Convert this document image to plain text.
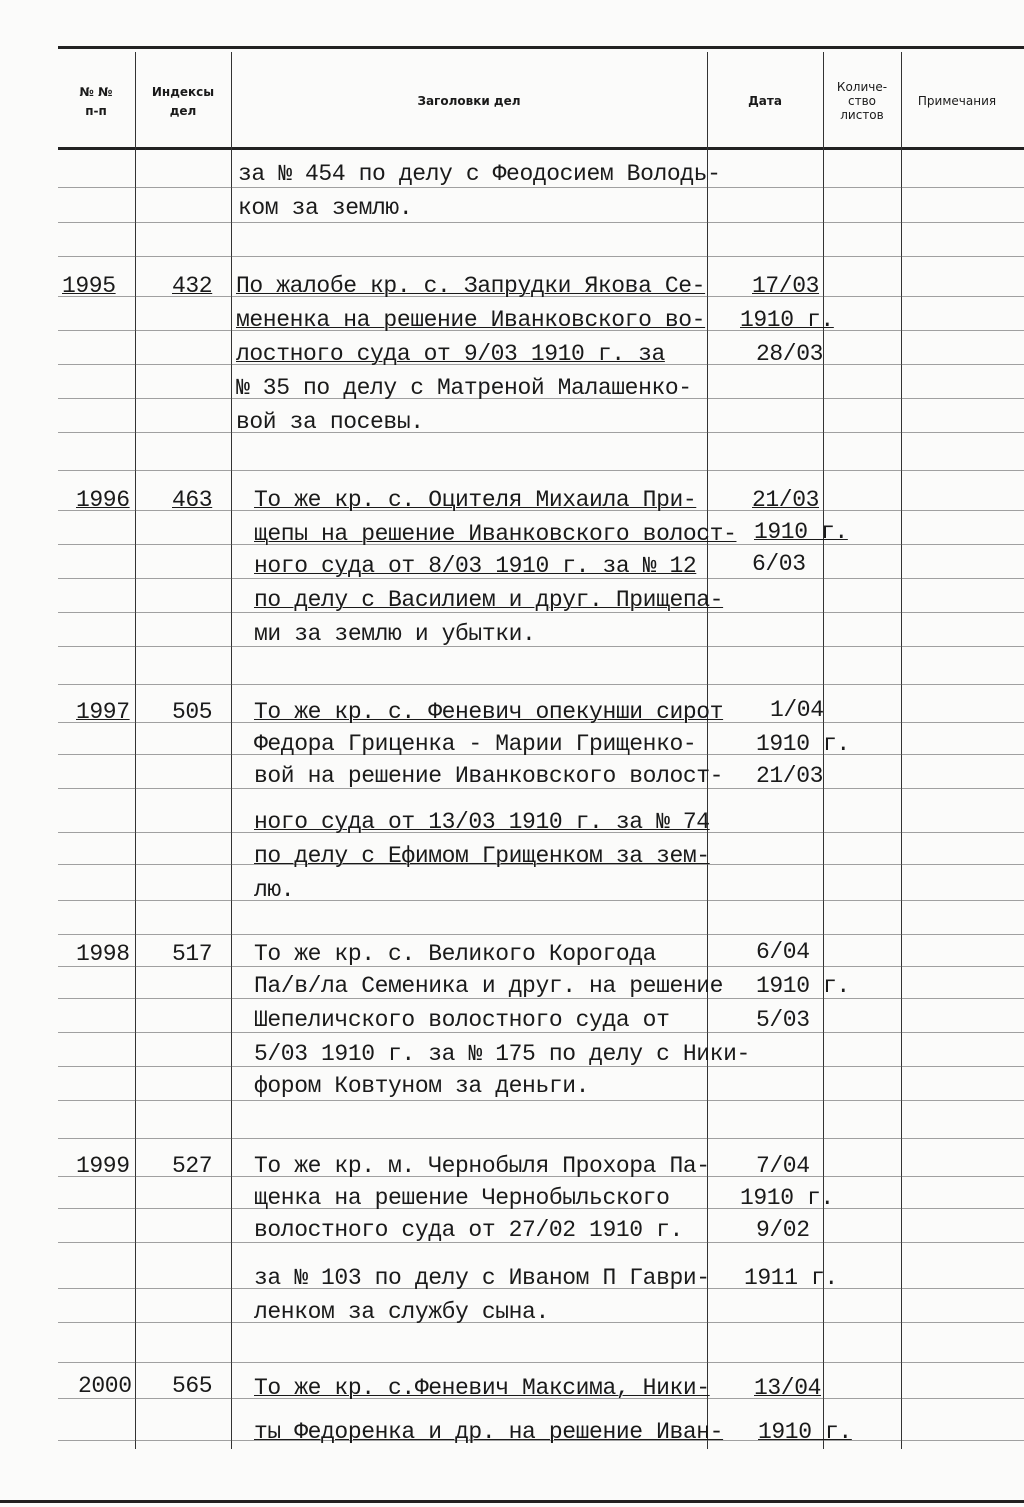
№ №
п-п
Индексы
дел
Заголовки дел	Дата
Количе-
ство
листов
Примечания
за № 454 по делу с Феодосием Володь-
ком за землю.
1995 432 По жалобе кр. с. Запрудки Якова Се-
мененка на решение Иванковского во-
лостного суда от 9/03 1910 г. за
№ 35 по делу с Матреной Малашенко-
вой за посевы.
17/03
1910 г.
28/03
1996 463 То же кр. с. Оцителя Михаила При-
щепы на решение Иванковского волост-
ного суда от 8/03 1910 г. за № 12
по делу с Василием и друг. Прищепа-
ми за землю и убытки.
21/03
1910 г.
6/03
1997 505 То же кр. с. Феневич опекунши сирот
Федора Гриценка - Марии Грищенко-
вой на решение Иванковского волост-
ного суда от 13/03 1910 г. за № 74
по делу с Ефимом Грищенком за зем-
лю.
1/04
1910 г.
21/03
1998 517 То же кр. с. Великого Корогода
Па/в/ла Семеника и друг. на решение
Шепеличского волостного суда от
5/03 1910 г. за № 175 по делу с Ники-
фором Ковтуном за деньги.
6/04
1910 г.
5/03
1999 527 То же кр. м. Чернобыля Прохора Па-
щенка на решение Чернобыльского
волостного суда от 27/02 1910 г.
за № 103 по делу с Иваном П Гаври-
ленком за службу сына.
7/04
1910 г.
9/02
1911 г.
2000 565 То же кр. с.Феневич Максима, Ники-
ты Федоренка и др. на решение Иван-
13/04
1910 г.
